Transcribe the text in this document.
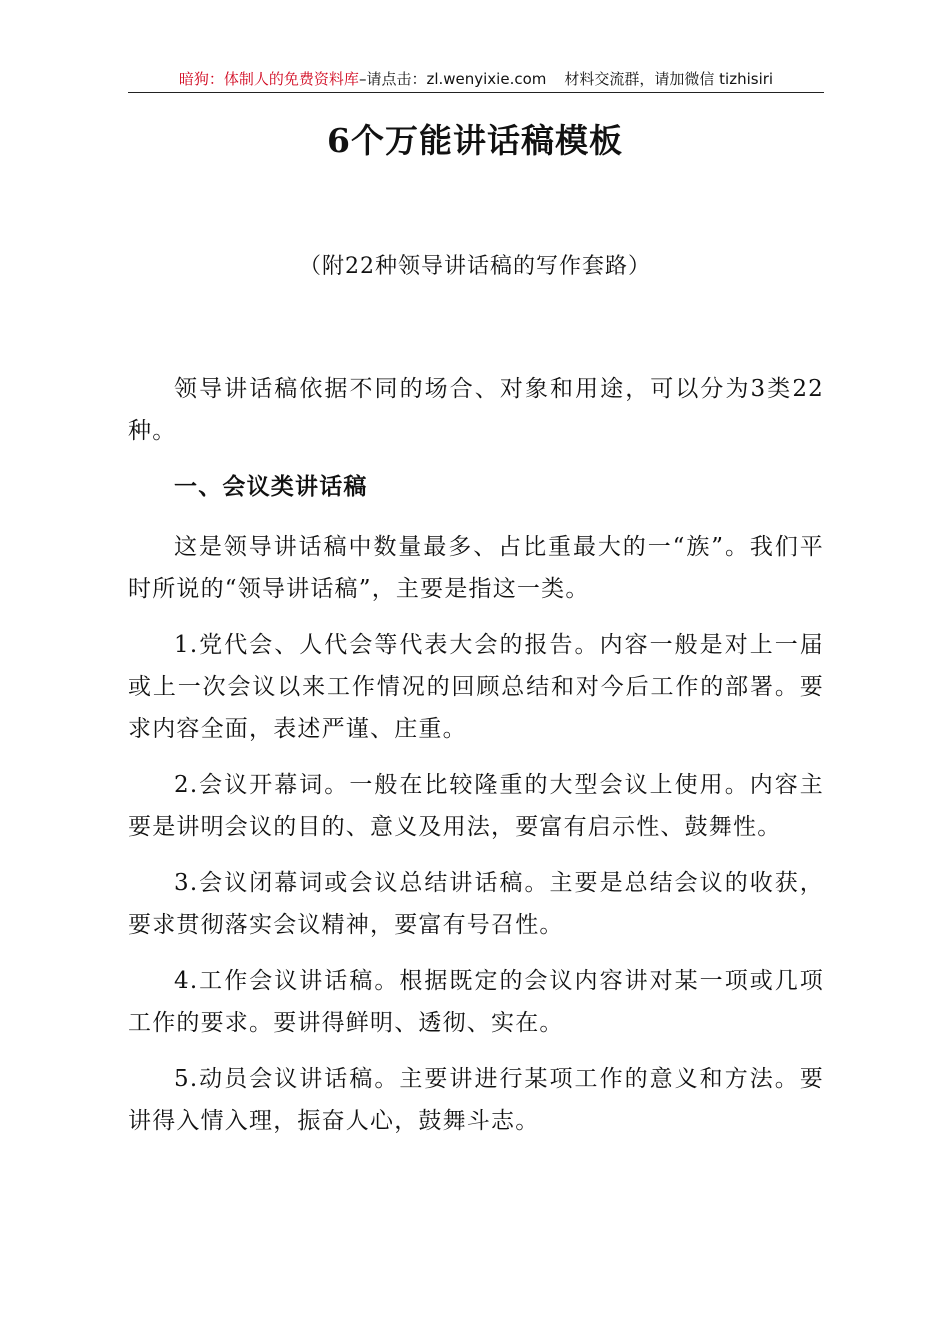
暗狗：体制人的免费资料库–请点击：zl.wenyixie.com 材料交流群，请加微信 tizhisiri
6个万能讲话稿模板
（附22种领导讲话稿的写作套路）

领导讲话稿依据不同的场合、对象和用途，可以分为3类22种。

一、会议类讲话稿

这是领导讲话稿中数量最多、占比重最大的一“族”。我们平时所说的“领导讲话稿”，主要是指这一类。

1.党代会、人代会等代表大会的报告。内容一般是对上一届或上一次会议以来工作情况的回顾总结和对今后工作的部署。要求内容全面，表述严谨、庄重。

2.会议开幕词。一般在比较隆重的大型会议上使用。内容主要是讲明会议的目的、意义及用法，要富有启示性、鼓舞性。

3.会议闭幕词或会议总结讲话稿。主要是总结会议的收获，要求贯彻落实会议精神，要富有号召性。

4.工作会议讲话稿。根据既定的会议内容讲对某一项或几项工作的要求。要讲得鲜明、透彻、实在。

5.动员会议讲话稿。主要讲进行某项工作的意义和方法。要讲得入情入理，振奋人心，鼓舞斗志。
